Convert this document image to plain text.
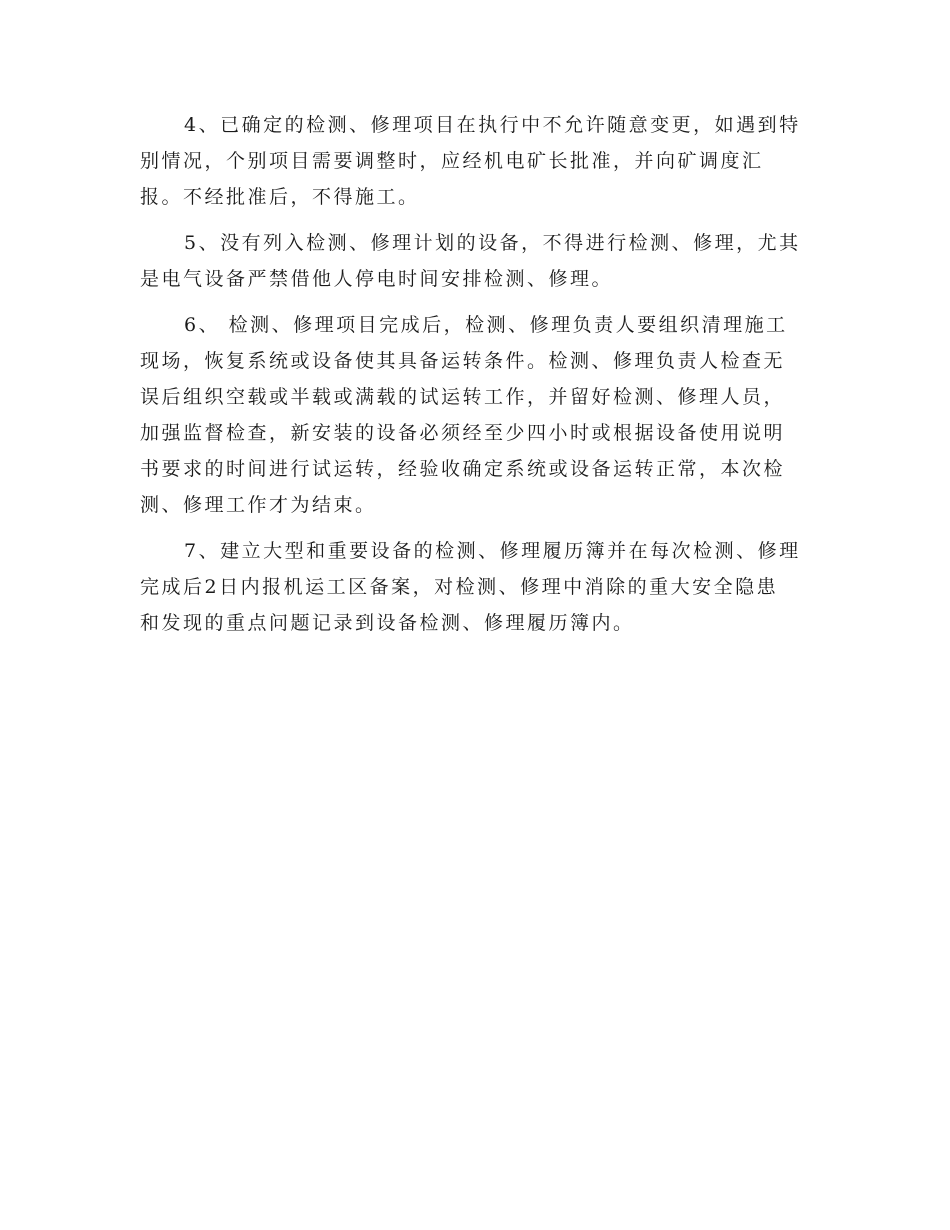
4、已确定的检测、修理项目在执行中不允许随意变更，如遇到特
别情况，个别项目需要调整时，应经机电矿长批准，并向矿调度汇
报。不经批准后，不得施工。

5、没有列入检测、修理计划的设备，不得进行检测、修理，尤其
是电气设备严禁借他人停电时间安排检测、修理。

6、 检测、修理项目完成后，检测、修理负责人要组织清理施工
现场，恢复系统或设备使其具备运转条件。检测、修理负责人检查无
误后组织空载或半载或满载的试运转工作，并留好检测、修理人员，
加强监督检查，新安装的设备必须经至少四小时或根据设备使用说明
书要求的时间进行试运转，经验收确定系统或设备运转正常，本次检
测、修理工作才为结束。

7、建立大型和重要设备的检测、修理履历簿并在每次检测、修理
完成后2日内报机运工区备案，对检测、修理中消除的重大安全隐患
和发现的重点问题记录到设备检测、修理履历簿内。
